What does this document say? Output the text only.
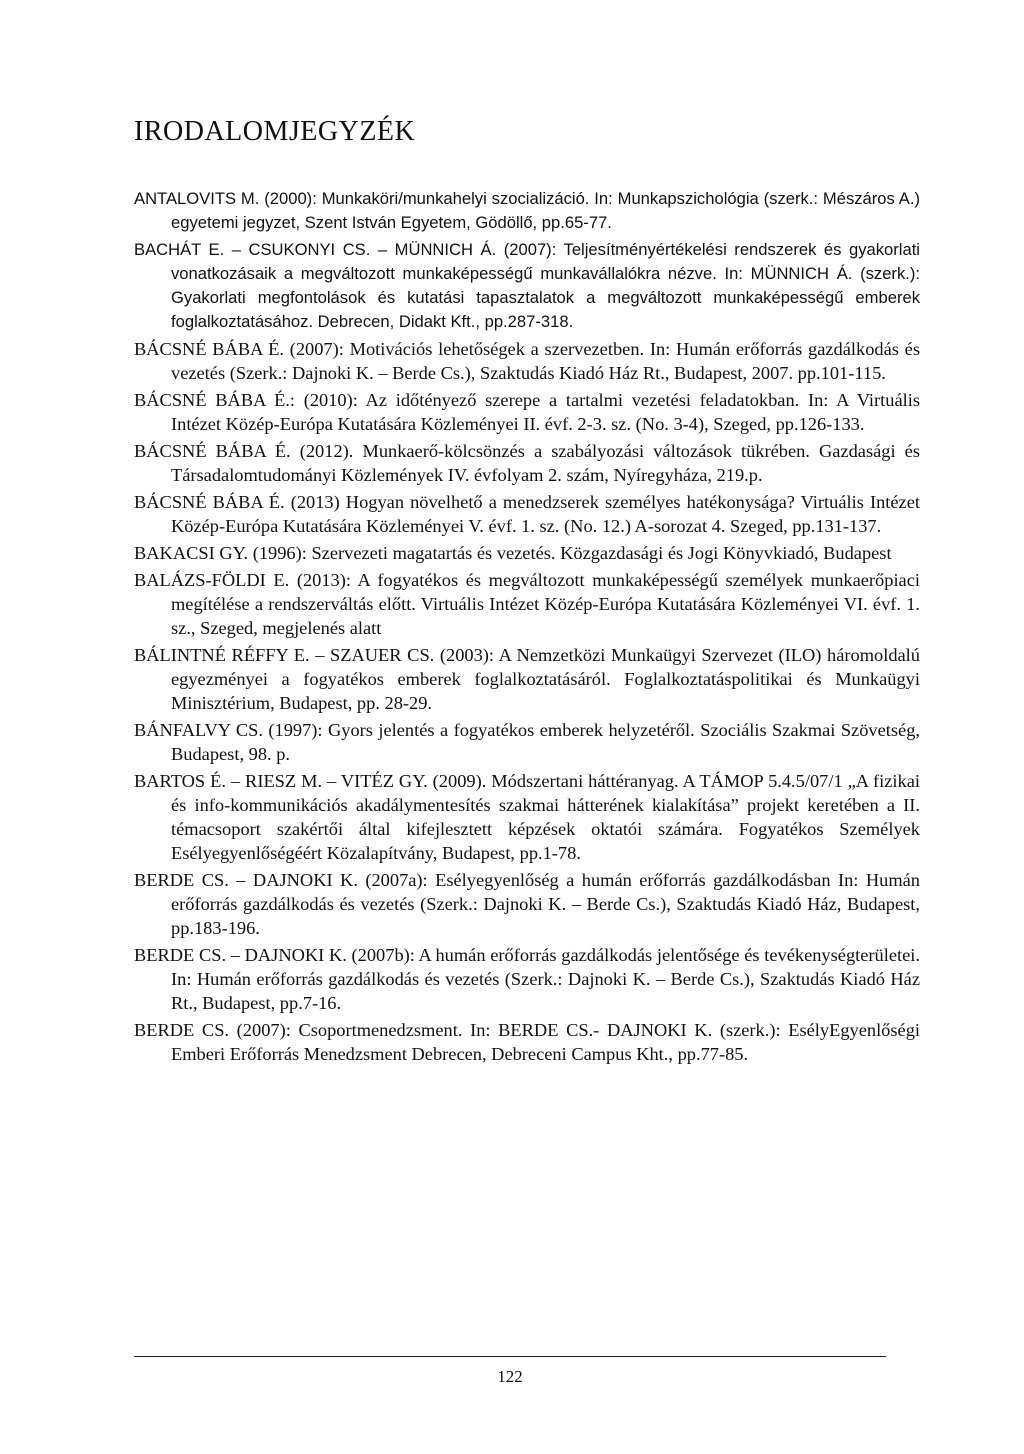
IRODALOMJEGYZÉK

ANTALOVITS M. (2000): Munkaköri/munkahelyi szocializáció. In: Munkapszichológia (szerk.: Mészáros A.) egyetemi jegyzet, Szent István Egyetem, Gödöllő, pp.65-77.

BACHÁT E. – CSUKONYI CS. – MÜNNICH Á. (2007): Teljesítményértékelési rendszerek és gyakorlati vonatkozásaik a megváltozott munkaképességű munkavállalókra nézve. In: MÜNNICH Á. (szerk.): Gyakorlati megfontolások és kutatási tapasztalatok a megváltozott munkaképességű emberek foglalkoztatásához. Debrecen, Didakt Kft., pp.287-318.

BÁCSNÉ BÁBA É. (2007): Motivációs lehetőségek a szervezetben. In: Humán erőforrás gazdálkodás és vezetés (Szerk.: Dajnoki K. – Berde Cs.), Szaktudás Kiadó Ház Rt., Budapest, 2007. pp.101-115.

BÁCSNÉ BÁBA É.: (2010): Az időtényező szerepe a tartalmi vezetési feladatokban. In: A Virtuális Intézet Közép-Európa Kutatására Közleményei II. évf. 2-3. sz. (No. 3-4), Szeged, pp.126-133.

BÁCSNÉ BÁBA É. (2012). Munkaerő-kölcsönzés a szabályozási változások tükrében. Gazdasági és Társadalomtudományi Közlemények IV. évfolyam 2. szám, Nyíregyháza, 219.p.

BÁCSNÉ BÁBA É. (2013) Hogyan növelhető a menedzserek személyes hatékonysága? Virtuális Intézet Közép-Európa Kutatására Közleményei V. évf. 1. sz. (No. 12.) A-sorozat 4. Szeged, pp.131-137.

BAKACSI GY. (1996): Szervezeti magatartás és vezetés. Közgazdasági és Jogi Könyvkiadó, Budapest

BALÁZS-FÖLDI E. (2013): A fogyatékos és megváltozott munkaképességű személyek munkaerőpiaci megítélése a rendszerváltás előtt. Virtuális Intézet Közép-Európa Kutatására Közleményei VI. évf. 1. sz., Szeged, megjelenés alatt

BÁLINTNÉ RÉFFY E. – SZAUER CS. (2003): A Nemzetközi Munkaügyi Szervezet (ILO) háromoldalú egyezményei a fogyatékos emberek foglalkoztatásáról. Foglalkoztatáspolitikai és Munkaügyi Minisztérium, Budapest, pp. 28-29.

BÁNFALVY CS. (1997): Gyors jelentés a fogyatékos emberek helyzetéről. Szociális Szakmai Szövetség, Budapest, 98. p.

BARTOS É. – RIESZ M. – VITÉZ GY. (2009). Módszertani háttéranyag. A TÁMOP 5.4.5/07/1 „A fizikai és info-kommunikációs akadálymentesítés szakmai hátterének kialakítása” projekt keretében a II. témacsoport szakértői által kifejlesztett képzések oktatói számára. Fogyatékos Személyek Esélyegyenlőségéért Közalapítvány, Budapest, pp.1-78.

BERDE CS. – DAJNOKI K. (2007a): Esélyegyenlőség a humán erőforrás gazdálkodásban In: Humán erőforrás gazdálkodás és vezetés (Szerk.: Dajnoki K. – Berde Cs.), Szaktudás Kiadó Ház, Budapest, pp.183-196.

BERDE CS. – DAJNOKI K. (2007b): A humán erőforrás gazdálkodás jelentősége és tevékenységterületei. In: Humán erőforrás gazdálkodás és vezetés (Szerk.: Dajnoki K. – Berde Cs.), Szaktudás Kiadó Ház Rt., Budapest, pp.7-16.

BERDE CS. (2007): Csoportmenedzsment. In: BERDE CS.- DAJNOKI K. (szerk.): EsélyEgyenlőségi Emberi Erőforrás Menedzsment Debrecen, Debreceni Campus Kht., pp.77-85.

122
